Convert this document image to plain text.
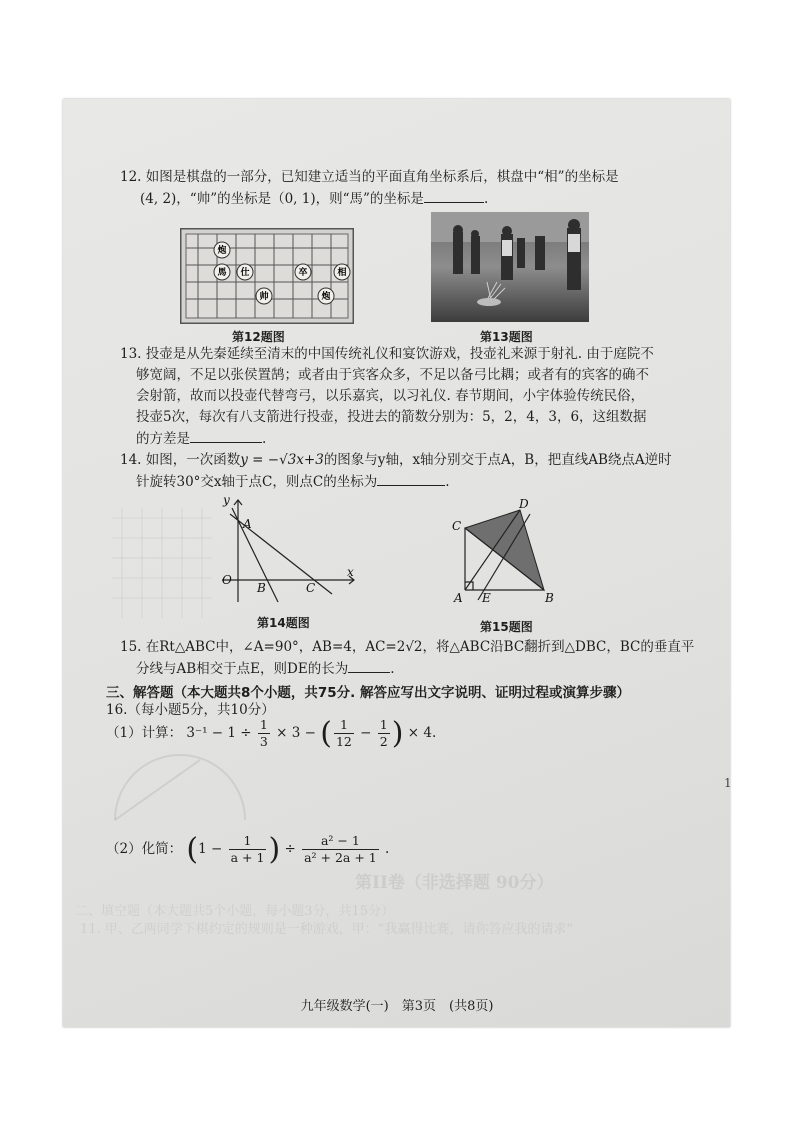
第II卷（非选择题 90分）
二、填空题（本大题共5个小题，每小题3分，共15分）
11. 甲、乙两同学下棋约定的规则是一种游戏，甲：“我赢得比赛，请你答应我的请求”
12. 如图是棋盘的一部分，已知建立适当的平面直角坐标系后，棋盘中“相”的坐标是
(4, 2)，“帅”的坐标是（0, 1)，则“馬”的坐标是	.
炮
馬 仕
帅
卒	相
炮
第12题图	第13题图
13. 投壶是从先秦延续至清末的中国传统礼仪和宴饮游戏，投壶礼来源于射礼. 由于庭院不
够宽阔，不足以张侯置鹄；或者由于宾客众多，不足以备弓比耦；或者有的宾客的确不
会射箭，故而以投壶代替弯弓，以乐嘉宾，以习礼仪. 春节期间，小宇体验传统民俗，
投壶5次，每次有八支箭进行投壶，投进去的箭数分别为：5，2，4，3，6，这组数据
的方差是	.
14. 如图，一次函数y = −√3x+3的图象与y轴，x轴分别交于点A，B，把直线AB绕点A逆时
针旋转30°交x轴于点C，则点C的坐标为	.
y
x
O
A
B	C
第14题图
C
D
A E	B
第15题图
15. 在Rt△ABC中，∠A=90°，AB=4，AC=2√2，将△ABC沿BC翻折到△DBC，BC的垂直平
分线与AB相交于点E，则DE的长为	.
三、解答题（本大题共8个小题，共75分. 解答应写出文字说明、证明过程或演算步骤）
16.（每小题5分，共10分）
（1）计算： $3^{-1} - 1 \div \frac{1}{3} \times 3$ − ( $\frac{1}{12} - \frac{1}{2}$ ) × 4.
（2）化简： ($1 - \frac{1}{a + 1}$ ) ÷ $\frac{\text{a² − 1}}{\text{a² + 2a + 1}}$ .
1
九年级数学(一)　第3页　(共8页)
